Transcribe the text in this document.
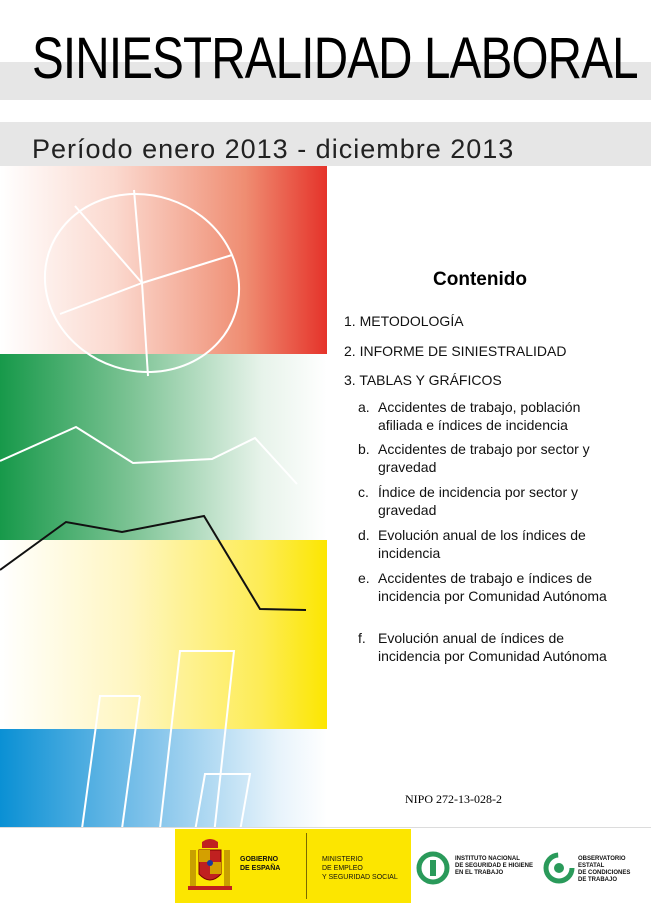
SINIESTRALIDAD LABORAL
Período enero 2013 - diciembre 2013
Contenido
1. METODOLOGÍA
2. INFORME DE SINIESTRALIDAD
3. TABLAS Y GRÁFICOS
a. Accidentes de trabajo, población afiliada e índices de incidencia
b. Accidentes de trabajo por sector y gravedad
c. Índice de incidencia por sector y gravedad
d. Evolución anual de los índices de incidencia
e. Accidentes de trabajo e índices de incidencia por Comunidad Autónoma
f. Evolución anual de índices de incidencia por Comunidad Autónoma
NIPO 272-13-028-2
GOBIERNO
DE ESPAÑA
MINISTERIO
DE EMPLEO
Y SEGURIDAD SOCIAL
INSTITUTO NACIONAL
DE SEGURIDAD E HIGIENE
EN EL TRABAJO
OBSERVATORIO ESTATAL
DE CONDICIONES
DE TRABAJO
